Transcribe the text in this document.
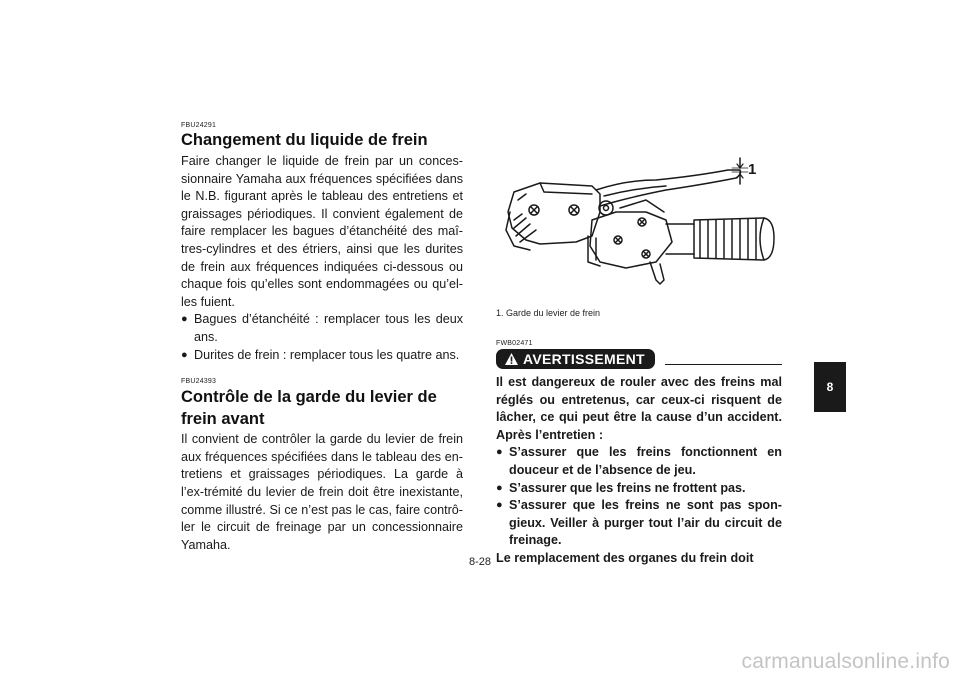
FBU24291
Changement du liquide de frein
Faire changer le liquide de frein par un conces-sionnaire Yamaha aux fréquences spécifiées dans le N.B. figurant après le tableau des entretiens et graissages périodiques. Il convient également de faire remplacer les bagues d’étanchéité des maî-tres-cylindres et des étriers, ainsi que les durites de frein aux fréquences indiquées ci-dessous ou chaque fois qu’elles sont endommagées ou qu’el-les fuient.
● Bagues d’étanchéité : remplacer tous les deux ans.
● Durites de frein : remplacer tous les quatre ans.
FBU24393
Contrôle de la garde du levier de frein avant
Il convient de contrôler la garde du levier de frein aux fréquences spécifiées dans le tableau des en-tretiens et graissages périodiques. La garde à l’ex-trémité du levier de frein doit être inexistante, comme illustré. Si ce n’est pas le cas, faire contrô-ler le circuit de freinage par un concessionnaire Yamaha.
1
1. Garde du levier de frein
FWB02471
AVERTISSEMENT
Il est dangereux de rouler avec des freins mal réglés ou entretenus, car ceux-ci risquent de lâcher, ce qui peut être la cause d’un accident. Après l’entretien :
● S’assurer que les freins fonctionnent en douceur et de l’absence de jeu.
● S’assurer que les freins ne frottent pas.
● S’assurer que les freins ne sont pas spon-gieux. Veiller à purger tout l’air du circuit de freinage.
Le remplacement des organes du frein doit
8
8-28
carmanualsonline.info
